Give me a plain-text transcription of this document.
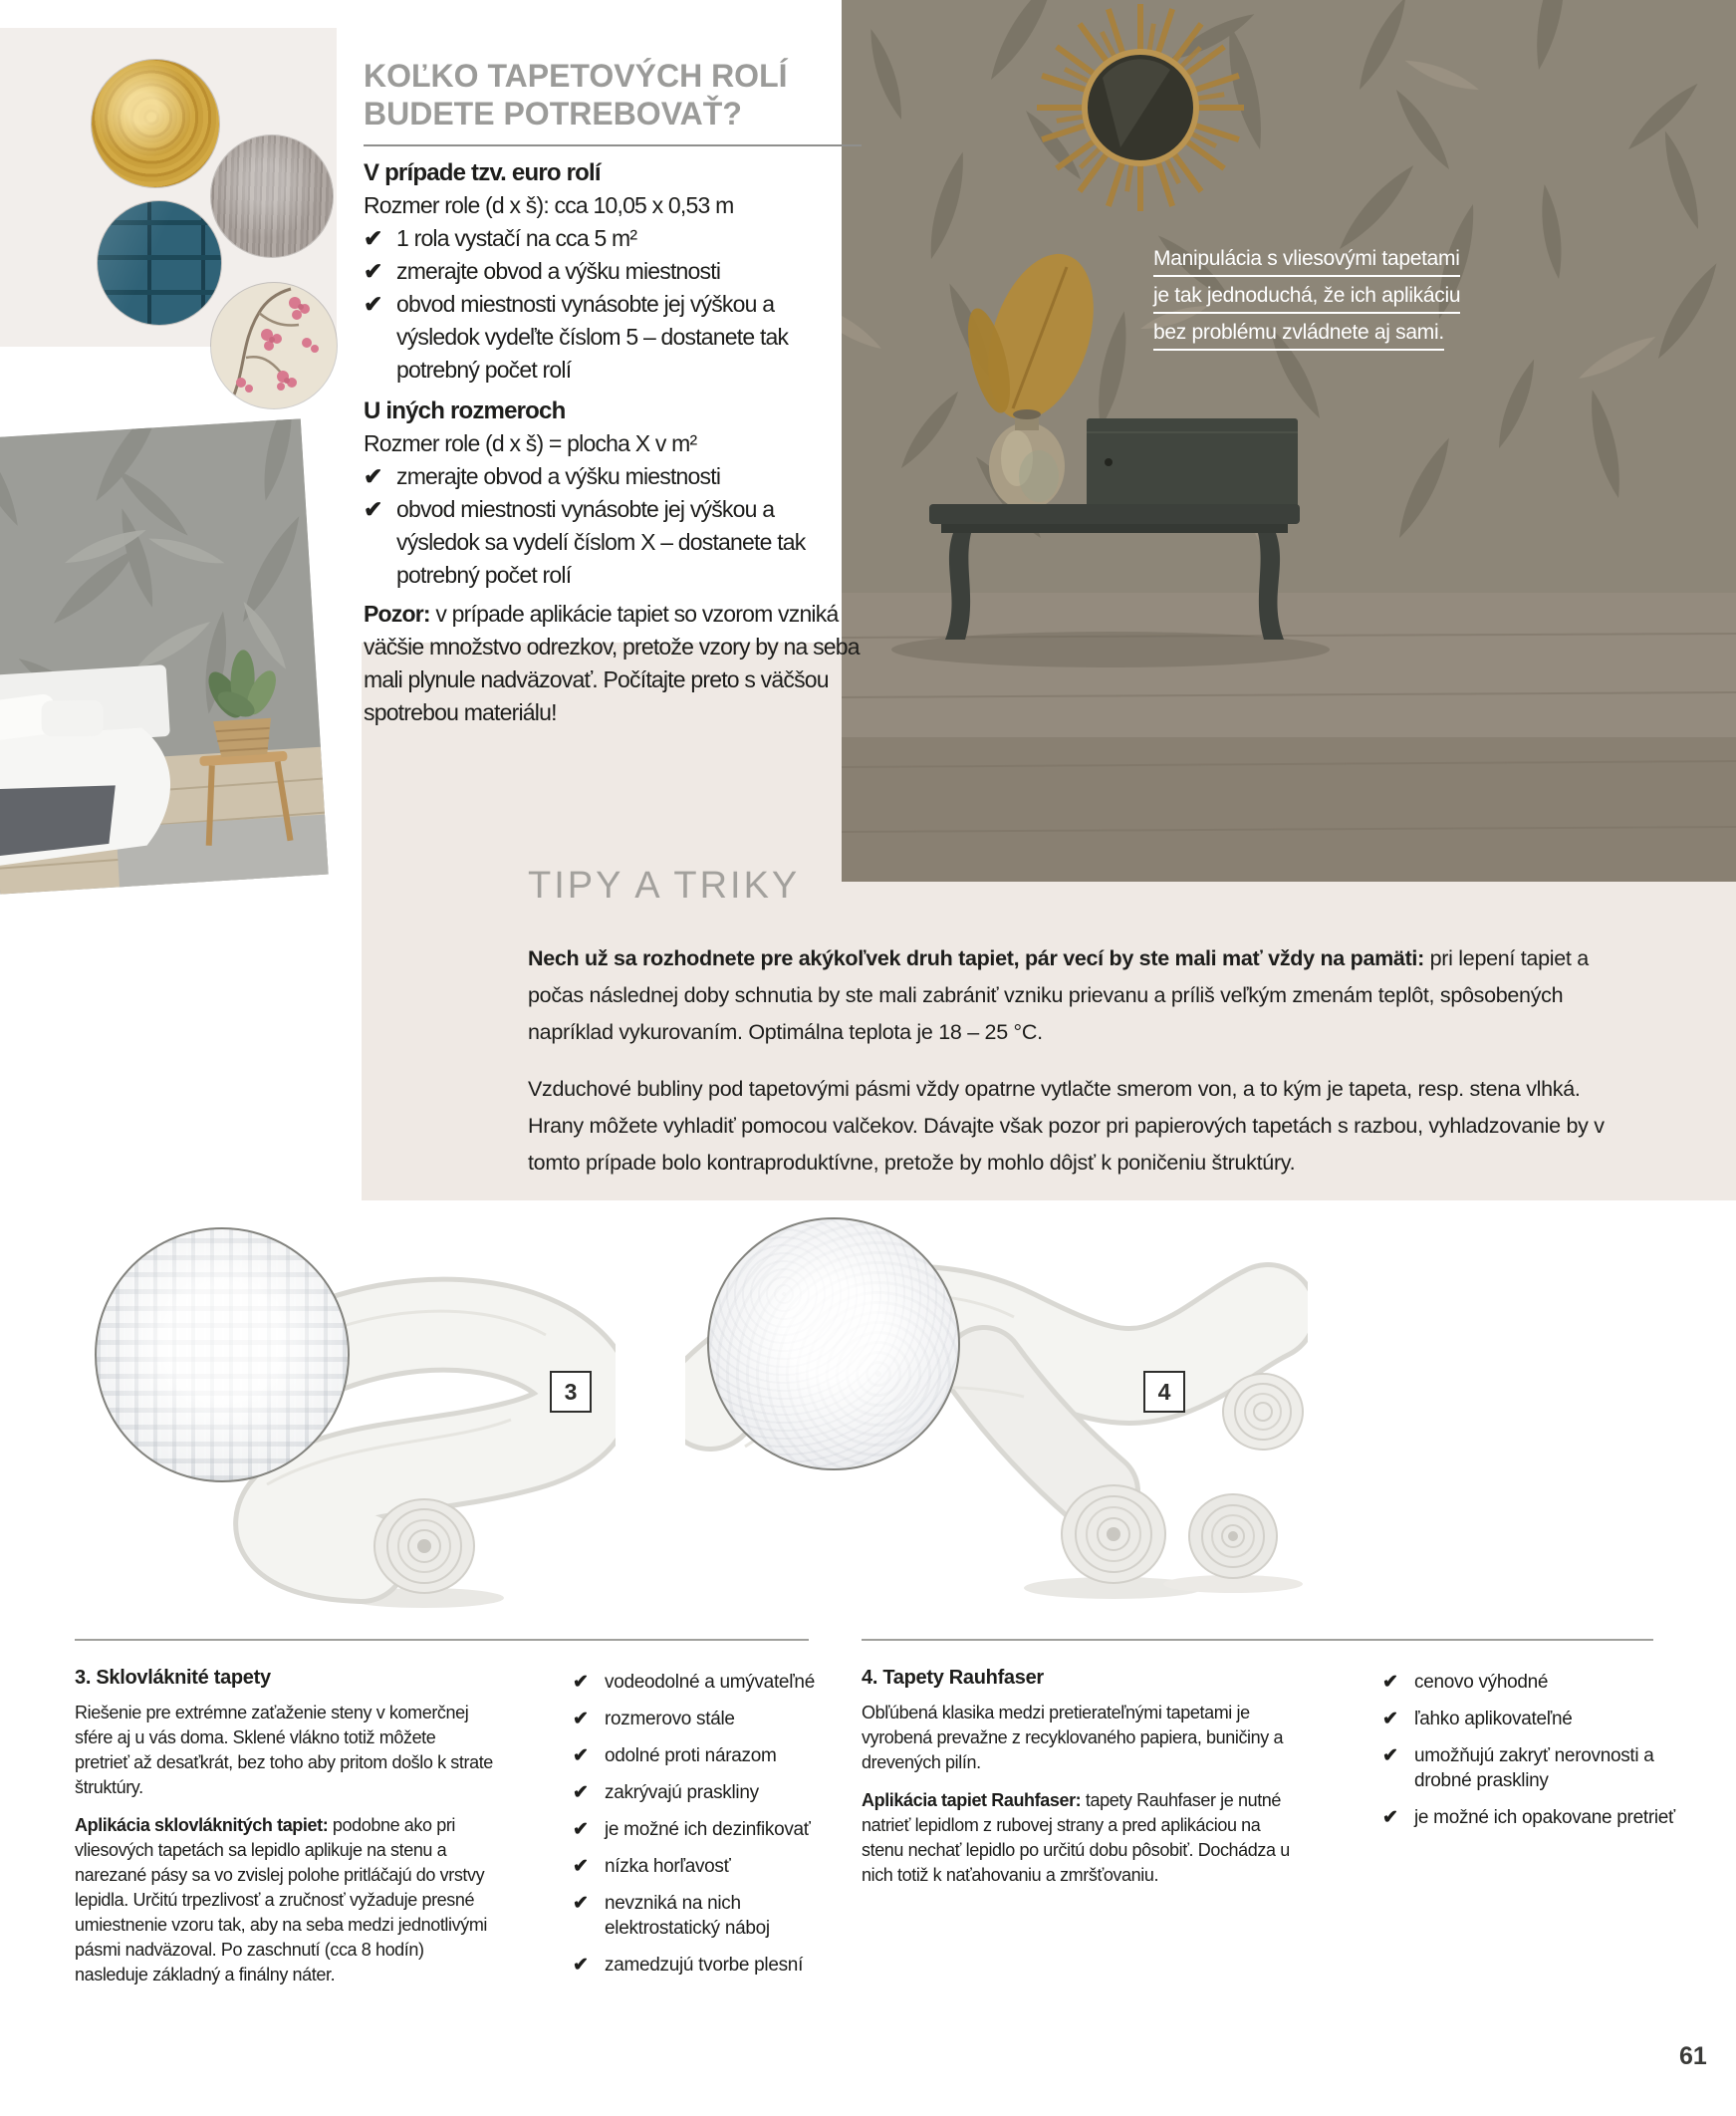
KOĽKO TAPETOVÝCH ROLÍ
BUDETE POTREBOVAŤ?
V prípade tzv. euro rolí

Rozmer role (d x š): cca 10,05 x 0,53 m

✔ 1 rola vystačí na cca 5 m²
✔ zmerajte obvod a výšku miestnosti
✔ obvod miestnosti vynásobte jej výškou a výsledok vydeľte číslom 5 – dostanete tak potrebný počet rolí
U iných rozmeroch

Rozmer role (d x š) = plocha X v m²

✔ zmerajte obvod a výšku miestnosti
✔ obvod miestnosti vynásobte jej výškou a výsledok sa vydelí číslom X – dostanete tak potrebný počet rolí

Pozor: v prípade aplikácie tapiet so vzorom vzniká väčšie množstvo odrezkov, pretože vzory by na seba mali plynule nadväzovať. Počítajte preto s väčšou spotrebou materiálu!

Manipulácia s vliesovými tapetami
je tak jednoduchá, že ich aplikáciu
bez problému zvládnete aj sami.
TIPY A TRIKY

Nech už sa rozhodnete pre akýkoľvek druh tapiet, pár vecí by ste mali mať vždy na pamäti: pri lepení tapiet a počas následnej doby schnutia by ste mali zabrániť vzniku prievanu a príliš veľkým zmenám teplôt, spôsobených napríklad vykurovaním. Optimálna teplota je 18 – 25 °C.

Vzduchové bubliny pod tapetovými pásmi vždy opatrne vytlačte smerom von, a to kým je tapeta, resp. stena vlhká. Hrany môžete vyhladiť pomocou valčekov. Dávajte však pozor pri papierových tapetách s razbou, vyhladzovanie by v tomto prípade bolo kontraproduktívne, pretože by mohlo dôjsť k poničeniu štruktúry.

3	4
3. Sklovláknité tapety

Riešenie pre extrémne zaťaženie steny v komerčnej sfére aj u vás doma. Sklené vlákno totiž môžete pretrieť až desaťkrát, bez toho aby pritom došlo k strate štruktúry.

Aplikácia sklovláknitých tapiet: podobne ako pri vliesových tapetách sa lepidlo aplikuje na stenu a narezané pásy sa vo zvislej polohe pritláčajú do vrstvy lepidla. Určitú trpezlivosť a zručnosť vyžaduje presné umiestnenie vzoru tak, aby na seba medzi jednotlivými pásmi nadväzoval. Po zaschnutí (cca 8 hodín) nasleduje základný a finálny náter.

✔ vodeodolné a umývateľné
✔ rozmerovo stále
✔ odolné proti nárazom
✔ zakrývajú praskliny
✔ je možné ich dezinfikovať
✔ nízka horľavosť
✔ nevzniká na nich elektrostatický náboj
✔ zamedzujú tvorbe plesní
4. Tapety Rauhfaser

Obľúbená klasika medzi pretierateľnými tapetami je vyrobená prevažne z recyklovaného papiera, buničiny a drevených pilín.

Aplikácia tapiet Rauhfaser: tapety Rauhfaser je nutné natrieť lepidlom z rubovej strany a pred aplikáciou na stenu nechať lepidlo po určitú dobu pôsobiť. Dochádza u nich totiž k naťahovaniu a zmršťovaniu.

✔ cenovo výhodné
✔ ľahko aplikovateľné
✔ umožňujú zakryť nerovnosti a drobné praskliny
✔ je možné ich opakovane pretrieť
61
